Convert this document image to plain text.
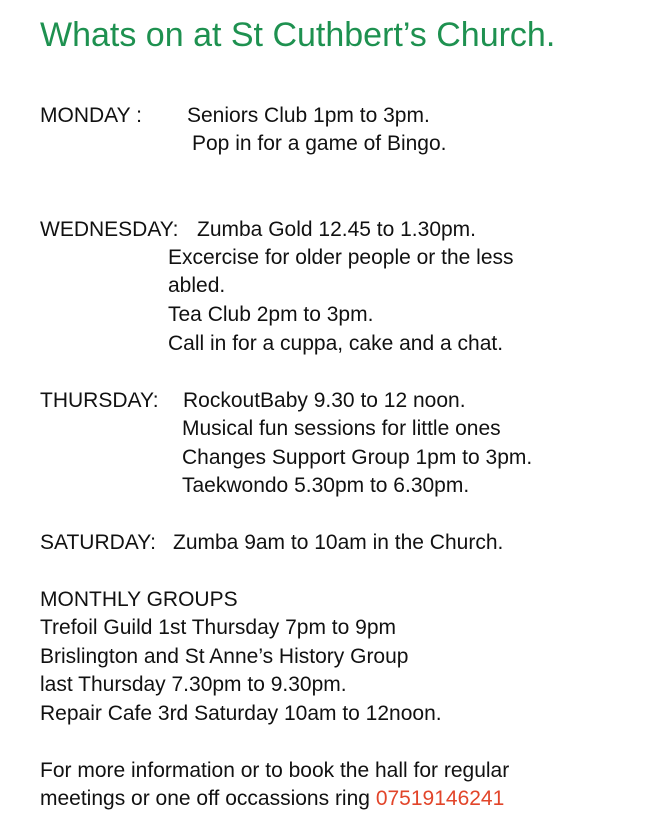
Whats on at St Cuthbert’s Church.
MONDAY : Seniors Club 1pm to 3pm.
Pop in for a game of Bingo.
WEDNESDAY: Zumba Gold 12.45 to 1.30pm.
Excercise for older people or the less
abled.
Tea Club 2pm to 3pm.
Call in for a cuppa, cake and a chat.
THURSDAY: RockoutBaby 9.30 to 12 noon.
Musical fun sessions for little ones
Changes Support Group 1pm to 3pm.
Taekwondo 5.30pm to 6.30pm.
SATURDAY: Zumba 9am to 10am in the Church.
MONTHLY GROUPS
Trefoil Guild 1st Thursday 7pm to 9pm
Brislington and St Anne’s History Group
last Thursday 7.30pm to 9.30pm.
Repair Cafe 3rd Saturday 10am to 12noon.
For more information or to book the hall for regular
meetings or one off occassions ring 07519146241
